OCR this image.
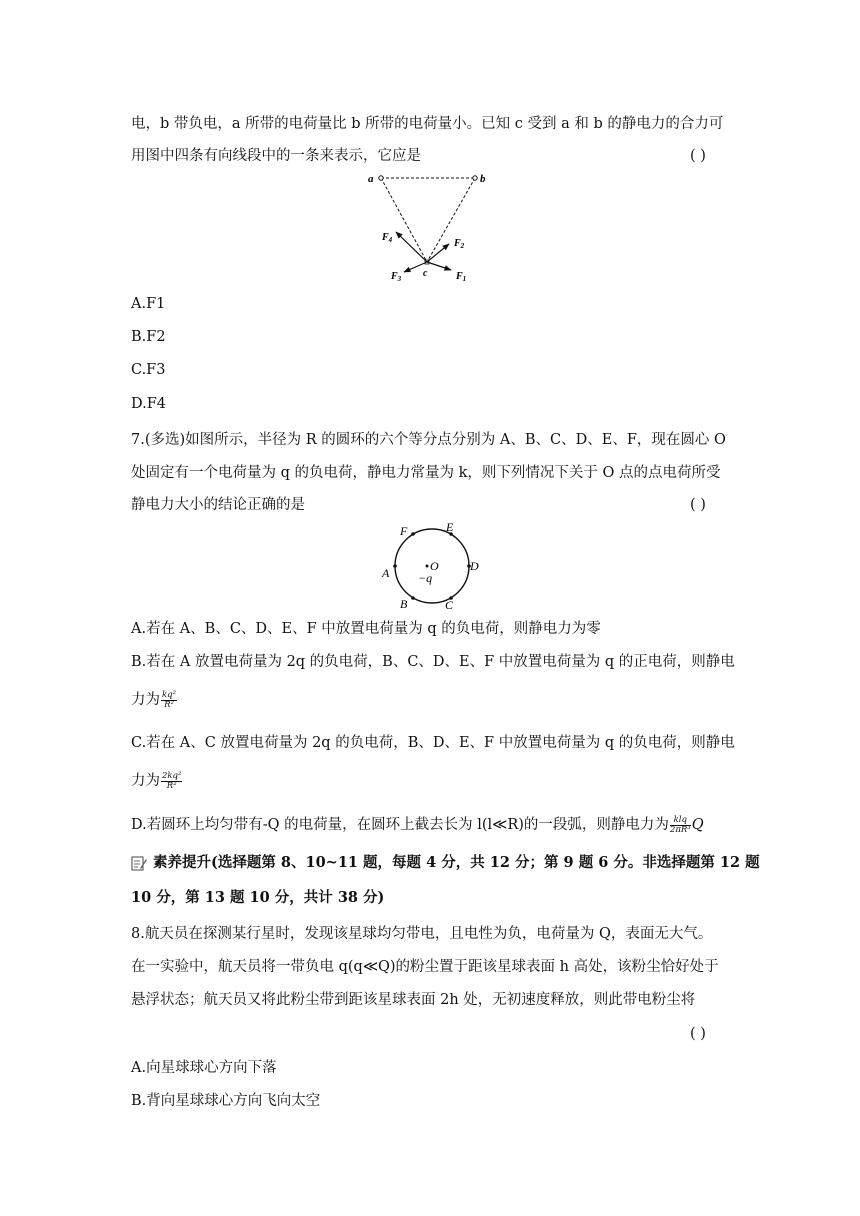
电，b 带负电，a 所带的电荷量比 b 所带的电荷量小。已知 c 受到 a 和 b 的静电力的合力可
用图中四条有向线段中的一条来表示，它应是	( )
a	b
c	$F_1$
$F_2$
$F_3$
$F_4$
A.F1
B.F2
C.F3
D.F4
7.(多选)如图所示，半径为 R 的圆环的六个等分点分别为 A、B、C、D、E、F，现在圆心 O
处固定有一个电荷量为 q 的负电荷，静电力常量为 k，则下列情况下关于 O 点的点电荷所受
静电力大小的结论正确的是	( )
A	D
F	E
B	C
O
−q
A.若在 A、B、C、D、E、F 中放置电荷量为 q 的负电荷，则静电力为零
B.若在 A 放置电荷量为 2q 的负电荷，B、C、D、E、F 中放置电荷量为 q 的正电荷，则静电
力为 $\frac{\text{kq²}}{\text{R²}}$
C.若在 A、C 放置电荷量为 2q 的负电荷，B、D、E、F 中放置电荷量为 q 的负电荷，则静电
力为 $\frac{\text{2kq²}}{\text{R²}}$
D.若圆环上均匀带有-Q 的电荷量，在圆环上截去长为 l(l≪R)的一段弧，则静电力为 $\frac{\text{klq}}{\text{2πR³}}$ Q
素养提升(选择题第 8、10~11 题，每题 4 分，共 12 分；第 9 题 6 分。非选择题第 12 题
10 分，第 13 题 10 分，共计 38 分)
8.航天员在探测某行星时，发现该星球均匀带电，且电性为负，电荷量为 Q，表面无大气。
在一实验中，航天员将一带负电 q(q≪Q)的粉尘置于距该星球表面 h 高处，该粉尘恰好处于
悬浮状态；航天员又将此粉尘带到距该星球表面 2h 处，无初速度释放，则此带电粉尘将
( )
A.向星球球心方向下落
B.背向星球球心方向飞向太空
